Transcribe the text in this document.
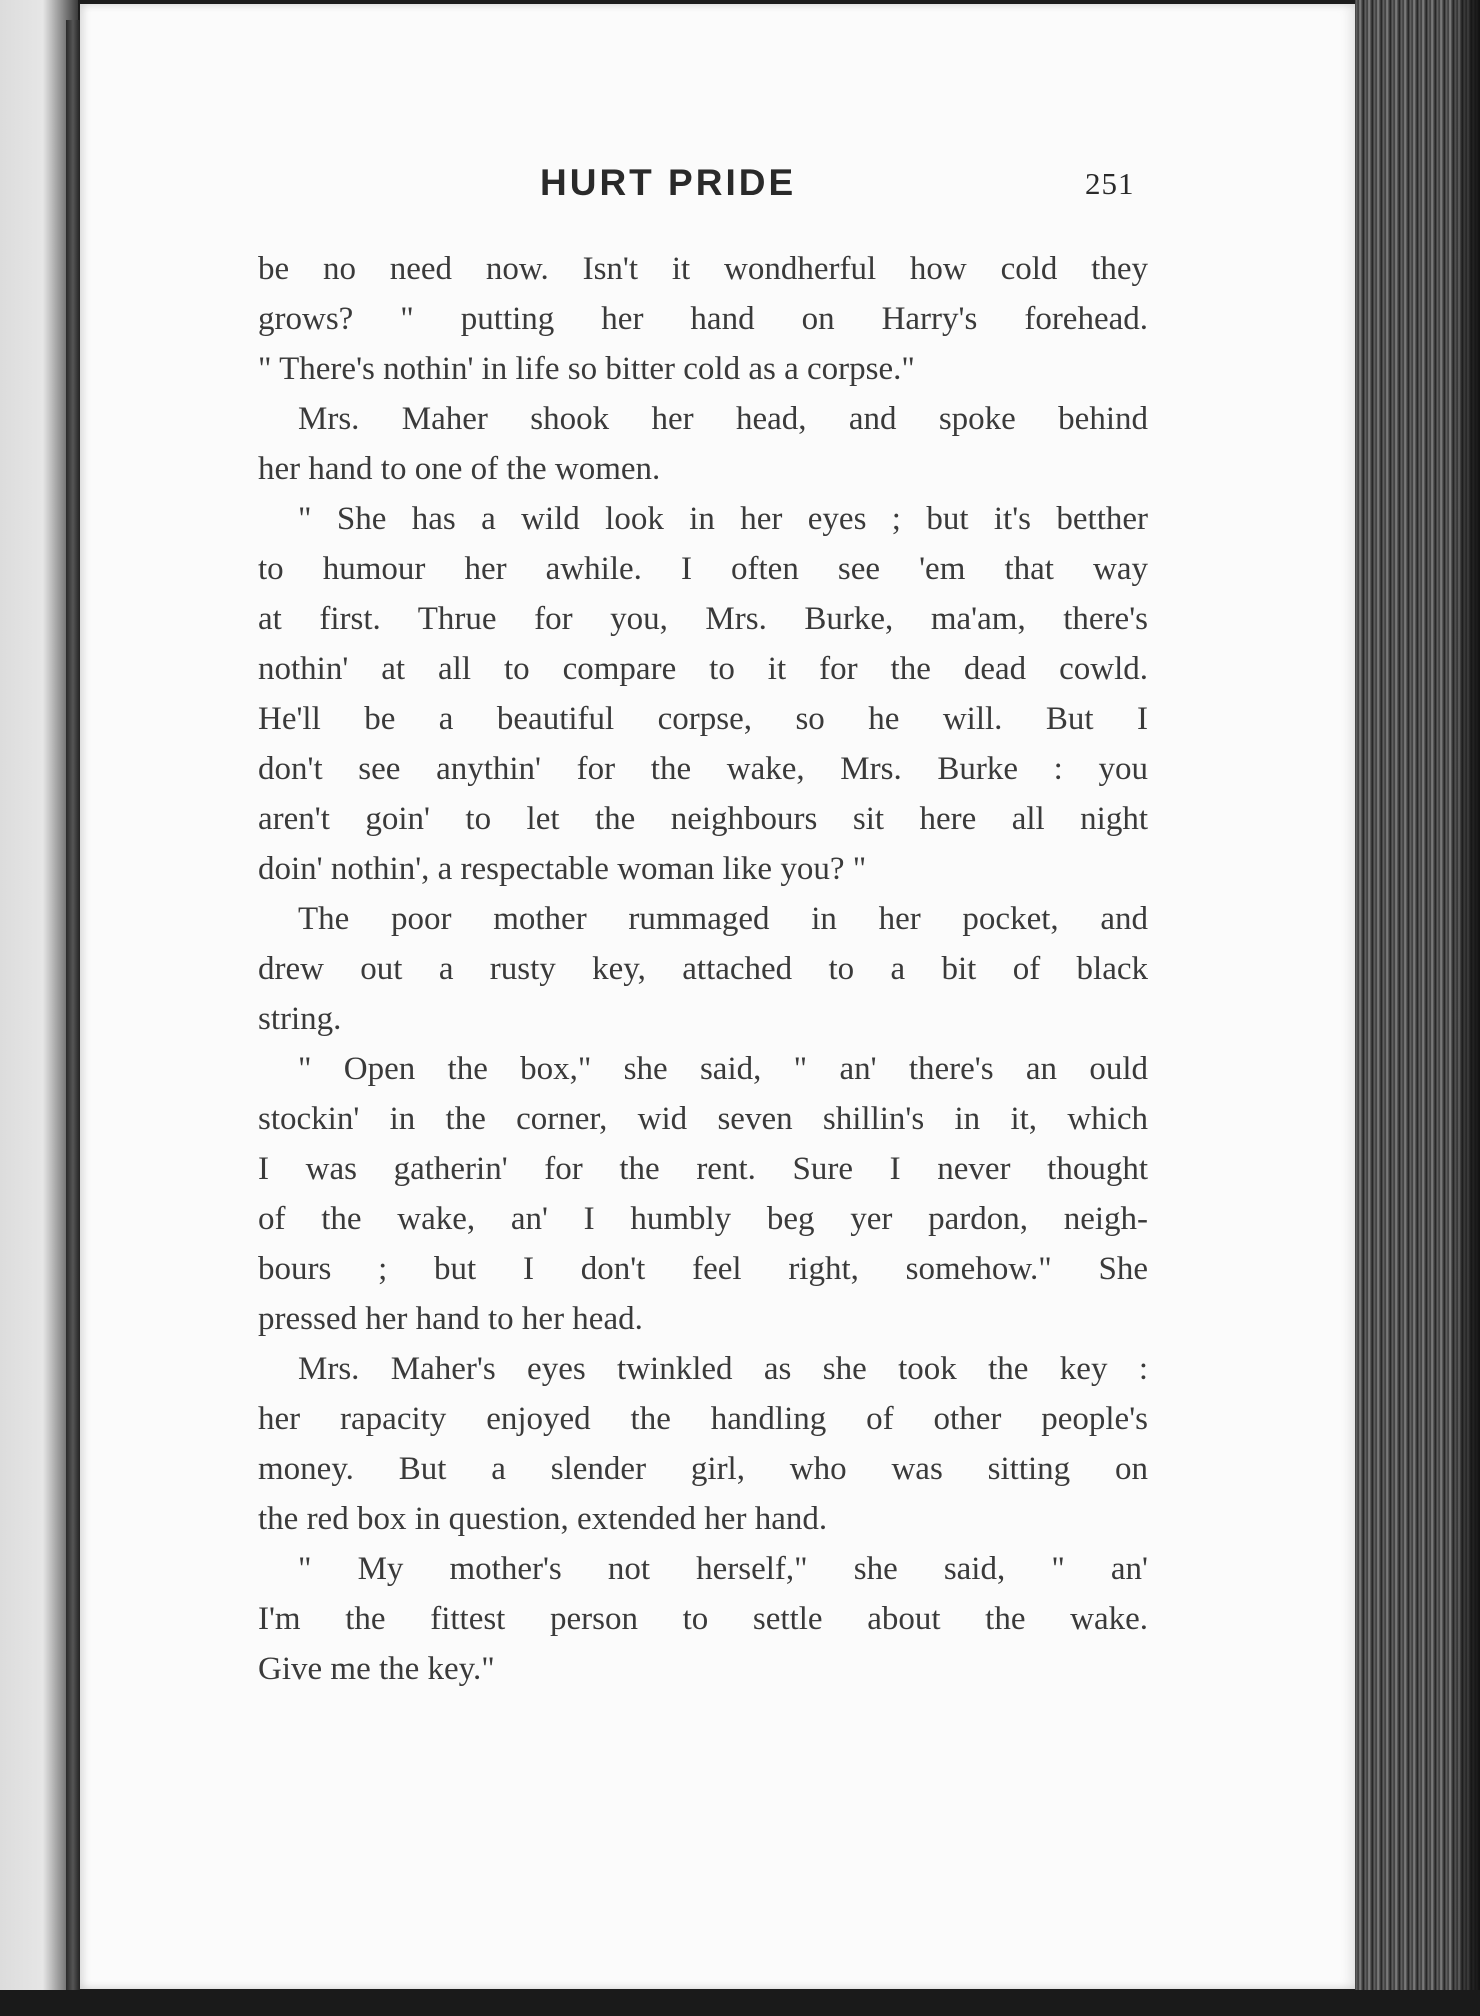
HURT PRIDE	251
be no need now. Isn't it wondherful how cold they
grows? " putting her hand on Harry's forehead.
" There's nothin' in life so bitter cold as a corpse."
Mrs. Maher shook her head, and spoke behind
her hand to one of the women.
" She has a wild look in her eyes ; but it's betther
to humour her awhile. I often see 'em that way
at first. Thrue for you, Mrs. Burke, ma'am, there's
nothin' at all to compare to it for the dead cowld.
He'll be a beautiful corpse, so he will. But I
don't see anythin' for the wake, Mrs. Burke : you
aren't goin' to let the neighbours sit here all night
doin' nothin', a respectable woman like you? "
The poor mother rummaged in her pocket, and
drew out a rusty key, attached to a bit of black
string.
" Open the box," she said, " an' there's an ould
stockin' in the corner, wid seven shillin's in it, which
I was gatherin' for the rent. Sure I never thought
of the wake, an' I humbly beg yer pardon, neigh-
bours ; but I don't feel right, somehow." She
pressed her hand to her head.
Mrs. Maher's eyes twinkled as she took the key :
her rapacity enjoyed the handling of other people's
money. But a slender girl, who was sitting on
the red box in question, extended her hand.
" My mother's not herself," she said, " an'
I'm the fittest person to settle about the wake.
Give me the key."
